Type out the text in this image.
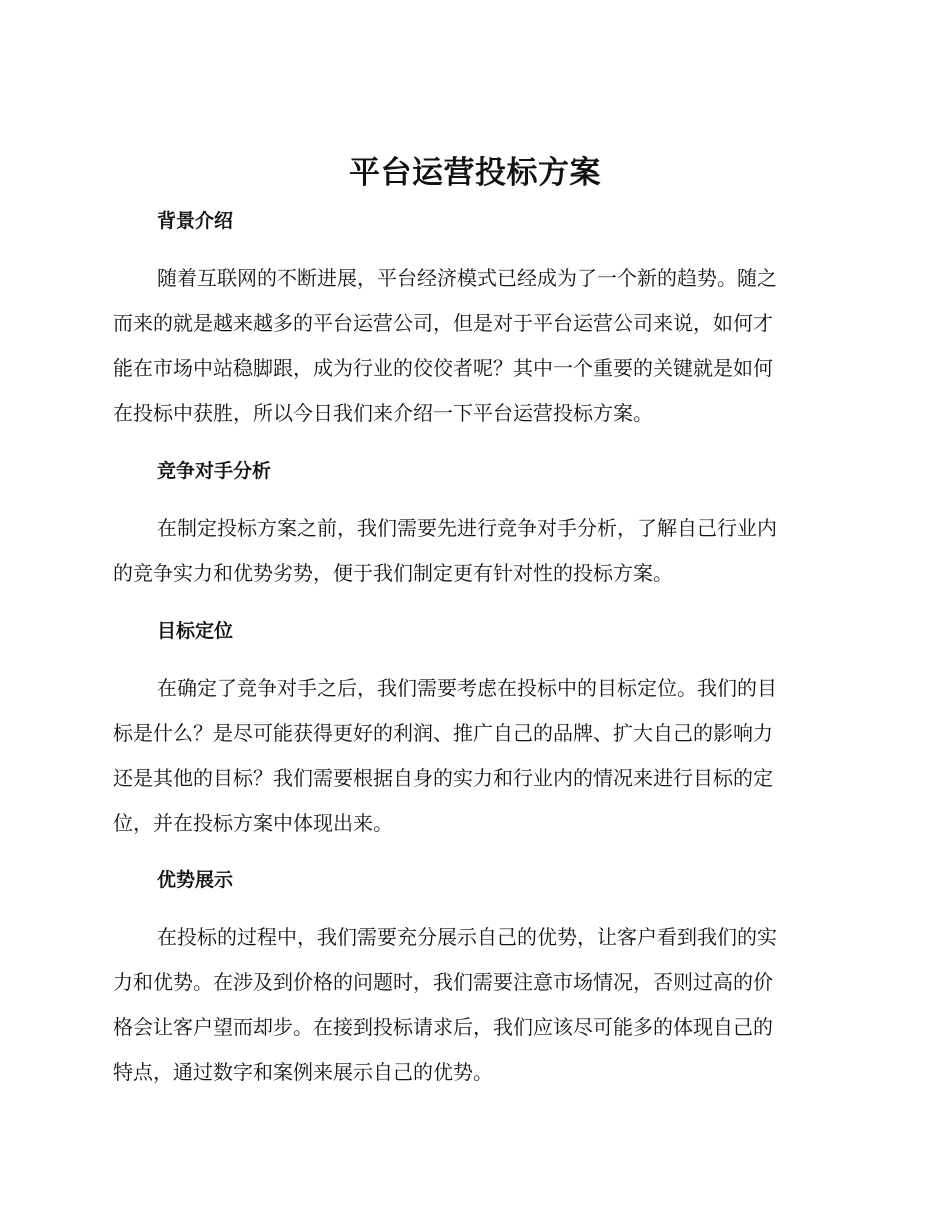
平台运营投标方案
背景介绍
随着互联网的不断进展，平台经济模式已经成为了一个新的趋势。随之
而来的就是越来越多的平台运营公司，但是对于平台运营公司来说，如何才
能在市场中站稳脚跟，成为行业的佼佼者呢？其中一个重要的关键就是如何
在投标中获胜，所以今日我们来介绍一下平台运营投标方案。
竞争对手分析
在制定投标方案之前，我们需要先进行竞争对手分析，了解自己行业内
的竞争实力和优势劣势，便于我们制定更有针对性的投标方案。
目标定位
在确定了竞争对手之后，我们需要考虑在投标中的目标定位。我们的目
标是什么？是尽可能获得更好的利润、推广自己的品牌、扩大自己的影响力
还是其他的目标？我们需要根据自身的实力和行业内的情况来进行目标的定
位，并在投标方案中体现出来。
优势展示
在投标的过程中，我们需要充分展示自己的优势，让客户看到我们的实
力和优势。在涉及到价格的问题时，我们需要注意市场情况，否则过高的价
格会让客户望而却步。在接到投标请求后，我们应该尽可能多的体现自己的
特点，通过数字和案例来展示自己的优势。
